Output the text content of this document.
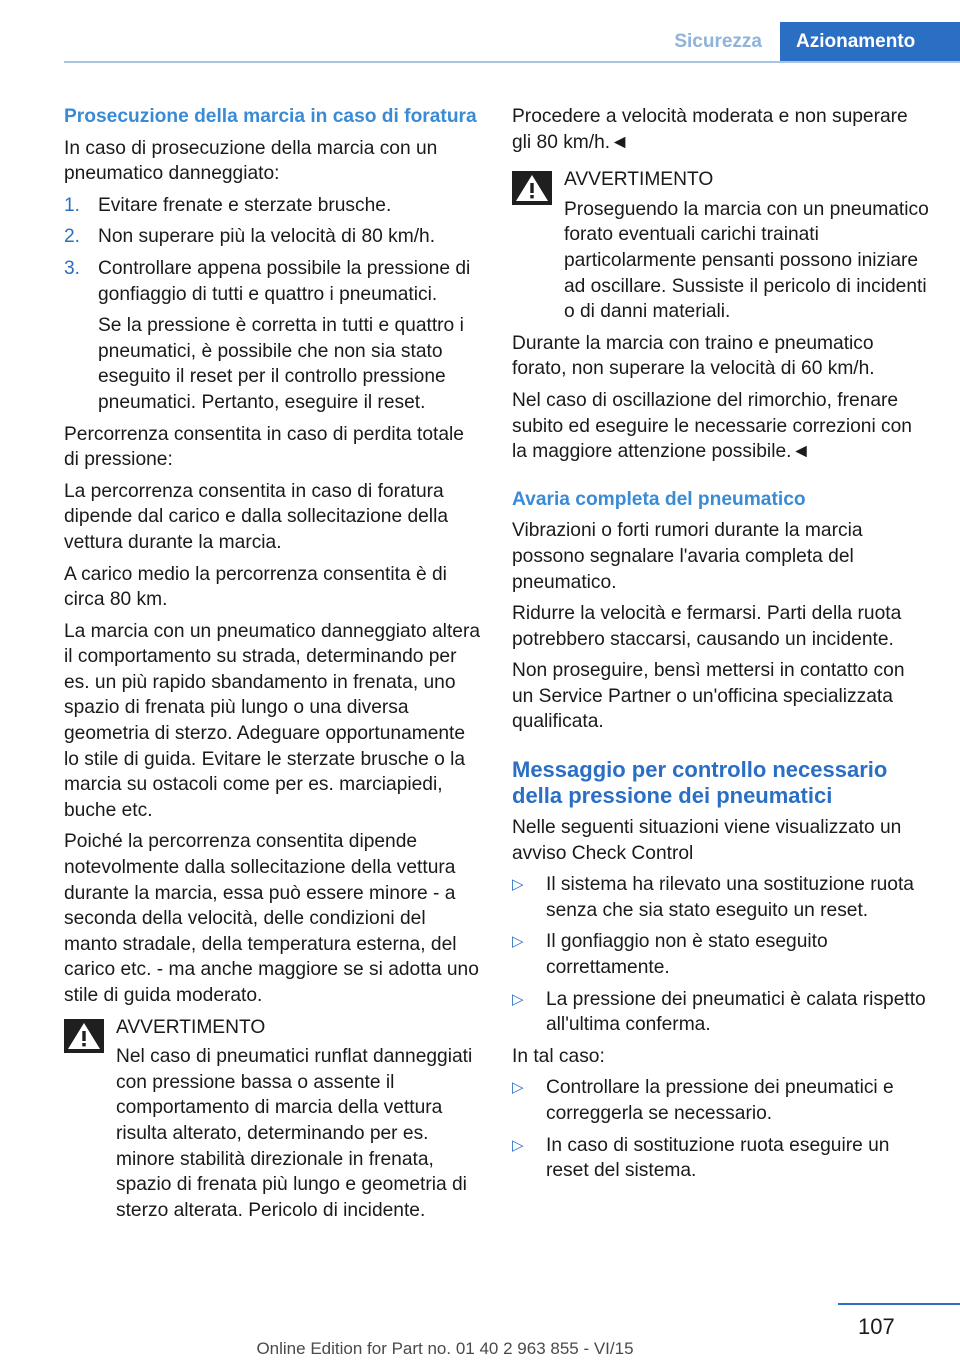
Sicurezza	Azionamento

Prosecuzione della marcia in caso di foratura

In caso di prosecuzione della marcia con un pneumatico danneggiato:

1. Evitare frenate e sterzate brusche.
2. Non superare più la velocità di 80 km/h.
3. Controllare appena possibile la pressione di gonfiaggio di tutti e quattro i pneumatici.
Se la pressione è corretta in tutti e quattro i pneumatici, è possibile che non sia stato eseguito il reset per il controllo pressione pneumatici. Pertanto, eseguire il reset.

Percorrenza consentita in caso di perdita totale di pressione:

La percorrenza consentita in caso di foratura dipende dal carico e dalla sollecitazione della vettura durante la marcia.

A carico medio la percorrenza consentita è di circa 80 km.

La marcia con un pneumatico danneggiato altera il comportamento su strada, determinando per es. un più rapido sbandamento in frenata, uno spazio di frenata più lungo o una diversa geometria di sterzo. Adeguare opportunamente lo stile di guida. Evitare le sterzate brusche o la marcia su ostacoli come per es. marciapiedi, buche etc.

Poiché la percorrenza consentita dipende notevolmente dalla sollecitazione della vettura durante la marcia, essa può essere minore - a seconda della velocità, delle condizioni del manto stradale, della temperatura esterna, del carico etc. - ma anche maggiore se si adotta uno stile di guida moderato.

AVVERTIMENTO
Nel caso di pneumatici runflat danneggiati con pressione bassa o assente il comportamento di marcia della vettura risulta alterato, determinando per es. minore stabilità direzionale in frenata, spazio di frenata più lungo e geometria di sterzo alterata. Pericolo di incidente.

Procedere a velocità moderata e non superare gli 80 km/h.◄

AVVERTIMENTO
Proseguendo la marcia con un pneumatico forato eventuali carichi trainati particolarmente pensanti possono iniziare ad oscillare. Sussiste il pericolo di incidenti o di danni materiali.

Durante la marcia con traino e pneumatico forato, non superare la velocità di 60 km/h.

Nel caso di oscillazione del rimorchio, frenare subito ed eseguire le necessarie correzioni con la maggiore attenzione possibile.◄

Avaria completa del pneumatico

Vibrazioni o forti rumori durante la marcia possono segnalare l'avaria completa del pneumatico.

Ridurre la velocità e fermarsi. Parti della ruota potrebbero staccarsi, causando un incidente.

Non proseguire, bensì mettersi in contatto con un Service Partner o un'officina specializzata qualificata.

Messaggio per controllo necessario della pressione dei pneumatici

Nelle seguenti situazioni viene visualizzato un avviso Check Control

▷ Il sistema ha rilevato una sostituzione ruota senza che sia stato eseguito un reset.
▷ Il gonfiaggio non è stato eseguito correttamente.
▷ La pressione dei pneumatici è calata rispetto all'ultima conferma.

In tal caso:

▷ Controllare la pressione dei pneumatici e correggerla se necessario.
▷ In caso di sostituzione ruota eseguire un reset del sistema.
107
Online Edition for Part no. 01 40 2 963 855 - VI/15
